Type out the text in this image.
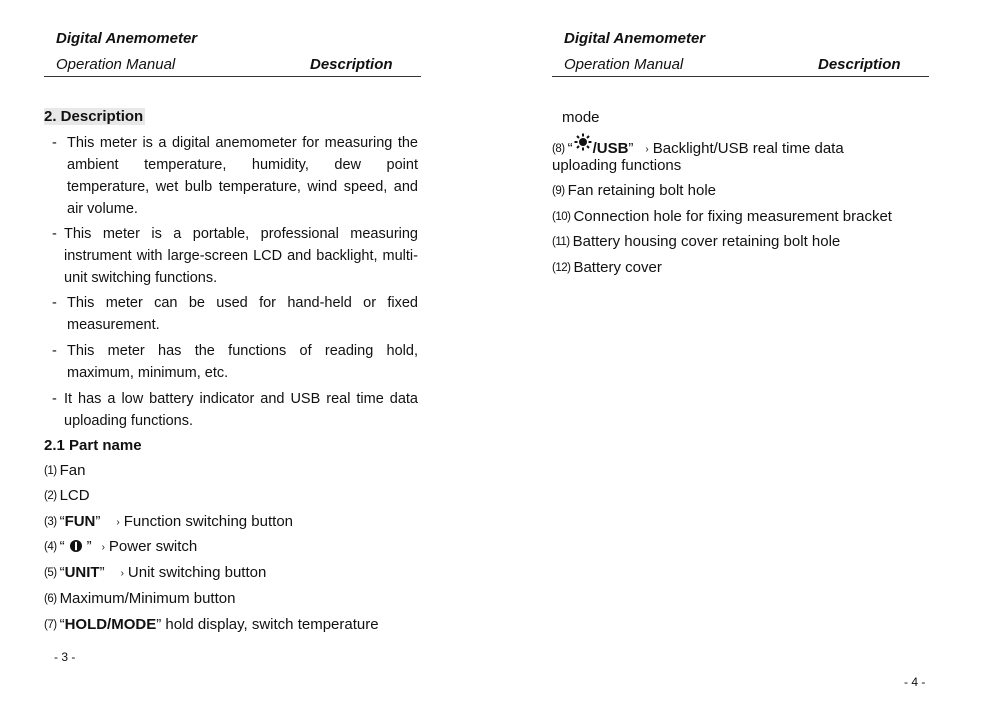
Digital Anemometer

Operation Manual	Description
2. Description
- This meter is a digital anemometer for measuring the ambient temperature, humidity, dew point temperature, wet bulb temperature, wind speed, and air volume.
- This meter is a portable, professional measuring instrument with large-screen LCD and backlight, multi-unit switching functions.
- This meter can be used for hand-held or fixed measurement.
- This meter has the functions of reading hold, maximum, minimum, etc.
- It has a low battery indicator and USB real time data uploading functions.
2.1 Part name

(1) Fan

(2) LCD

(3) “FUN” › Function switching button

(4) “ ” › Power switch

(5) “UNIT” › Unit switching button

(6) Maximum/Minimum button

(7) “HOLD/MODE” hold display, switch temperature

- 3 -

Digital Anemometer

Operation Manual	Description

mode

(8) “ /USB” › Backlight/USB real time data

uploading functions

(9) Fan retaining bolt hole

(10) Connection hole for fixing measurement bracket

(11) Battery housing cover retaining bolt hole

(12) Battery cover

- 4 -
